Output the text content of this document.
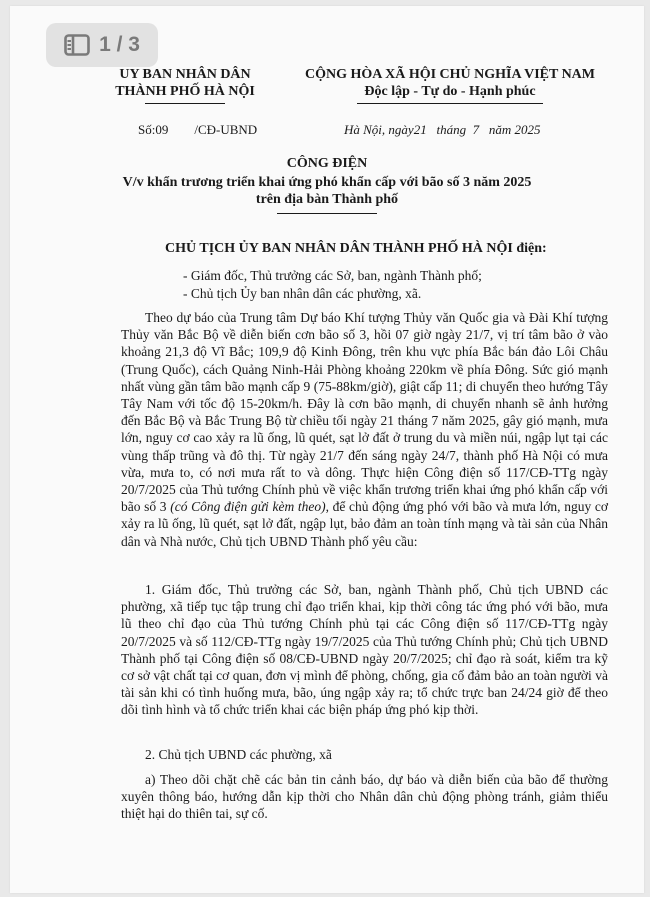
1 / 3
UY BAN NHÂN DÂN
THÀNH PHỐ HÀ NỘI
CỘNG HÒA XÃ HỘI CHỦ NGHĨA VIỆT NAM
Độc lập - Tự do - Hạnh phúc
Số:09 /CĐ-UBND	Hà Nội, ngày21 tháng 7 năm 2025
CÔNG ĐIỆN
V/v khẩn trương triển khai ứng phó khẩn cấp với bão số 3 năm 2025
trên địa bàn Thành phố
CHỦ TỊCH ỦY BAN NHÂN DÂN THÀNH PHỐ HÀ NỘI điện:
- Giám đốc, Thủ trưởng các Sở, ban, ngành Thành phố;
- Chủ tịch Ủy ban nhân dân các phường, xã.

Theo dự báo của Trung tâm Dự báo Khí tượng Thủy văn Quốc gia và Đài Khí tượng Thủy văn Bắc Bộ về diễn biến cơn bão số 3, hồi 07 giờ ngày 21/7, vị trí tâm bão ở vào khoảng 21,3 độ Vĩ Bắc; 109,9 độ Kinh Đông, trên khu vực phía Bắc bán đảo Lôi Châu (Trung Quốc), cách Quảng Ninh-Hải Phòng khoảng 220km về phía Đông. Sức gió mạnh nhất vùng gần tâm bão mạnh cấp 9 (75-88km/giờ), giật cấp 11; di chuyển theo hướng Tây Tây Nam với tốc độ 15-20km/h. Đây là cơn bão mạnh, di chuyển nhanh sẽ ảnh hưởng đến Bắc Bộ và Bắc Trung Bộ từ chiều tối ngày 21 tháng 7 năm 2025, gây gió mạnh, mưa lớn, nguy cơ cao xảy ra lũ ống, lũ quét, sạt lở đất ở trung du và miền núi, ngập lụt tại các vùng thấp trũng và đô thị. Từ ngày 21/7 đến sáng ngày 24/7, thành phố Hà Nội có mưa vừa, mưa to, có nơi mưa rất to và dông. Thực hiện Công điện số 117/CĐ-TTg ngày 20/7/2025 của Thủ tướng Chính phủ về việc khẩn trương triển khai ứng phó khẩn cấp với bão số 3 (có Công điện gửi kèm theo), để chủ động ứng phó với bão và mưa lớn, nguy cơ xảy ra lũ ống, lũ quét, sạt lở đất, ngập lụt, bảo đảm an toàn tính mạng và tài sản của Nhân dân và Nhà nước, Chủ tịch UBND Thành phố yêu cầu:

1. Giám đốc, Thủ trưởng các Sở, ban, ngành Thành phố, Chủ tịch UBND các phường, xã tiếp tục tập trung chỉ đạo triển khai, kịp thời công tác ứng phó với bão, mưa lũ theo chỉ đạo của Thủ tướng Chính phủ tại các Công điện số 117/CĐ-TTg ngày 20/7/2025 và số 112/CĐ-TTg ngày 19/7/2025 của Thủ tướng Chính phủ; Chủ tịch UBND Thành phố tại Công điện số 08/CĐ-UBND ngày 20/7/2025; chỉ đạo rà soát, kiểm tra kỹ cơ sở vật chất tại cơ quan, đơn vị mình để phòng, chống, gia cố đảm bảo an toàn người và tài sản khi có tình huống mưa, bão, úng ngập xảy ra; tổ chức trực ban 24/24 giờ để theo dõi tình hình và tổ chức triển khai các biện pháp ứng phó kịp thời.

2. Chủ tịch UBND các phường, xã

a) Theo dõi chặt chẽ các bản tin cảnh báo, dự báo và diễn biến của bão để thường xuyên thông báo, hướng dẫn kịp thời cho Nhân dân chủ động phòng tránh, giảm thiểu thiệt hại do thiên tai, sự cố.
